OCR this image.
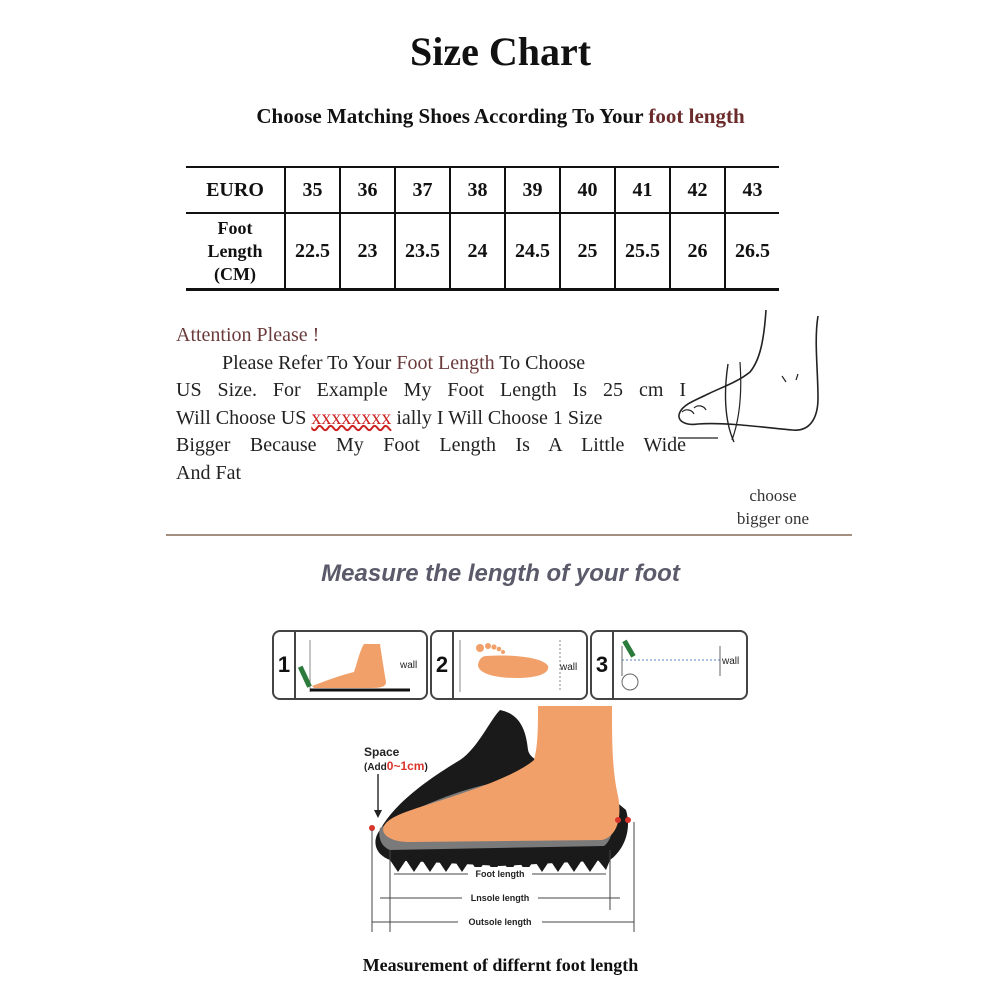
Size Chart
Choose Matching Shoes According To Your foot length
EURO	35	36	37	38	39	40	41	42	43

Foot
Length
(CM)	22.5	23	23.5	24	24.5	25	25.5	26	26.5
Attention Please !
Please Refer To Your Foot Length To Choose
US Size. For Example My Foot Length Is 25 cm I
Will Choose US xxxxxxxx ially I Will Choose 1 Size
Bigger Because My Foot Length Is A Little Wide
And Fat
choose
bigger one
Measure the length of your foot
1	wall 2	wall 3	wall
Foot length
Lnsole length
Outsole length
Space
(Add0~1cm)
Measurement of differnt foot length
